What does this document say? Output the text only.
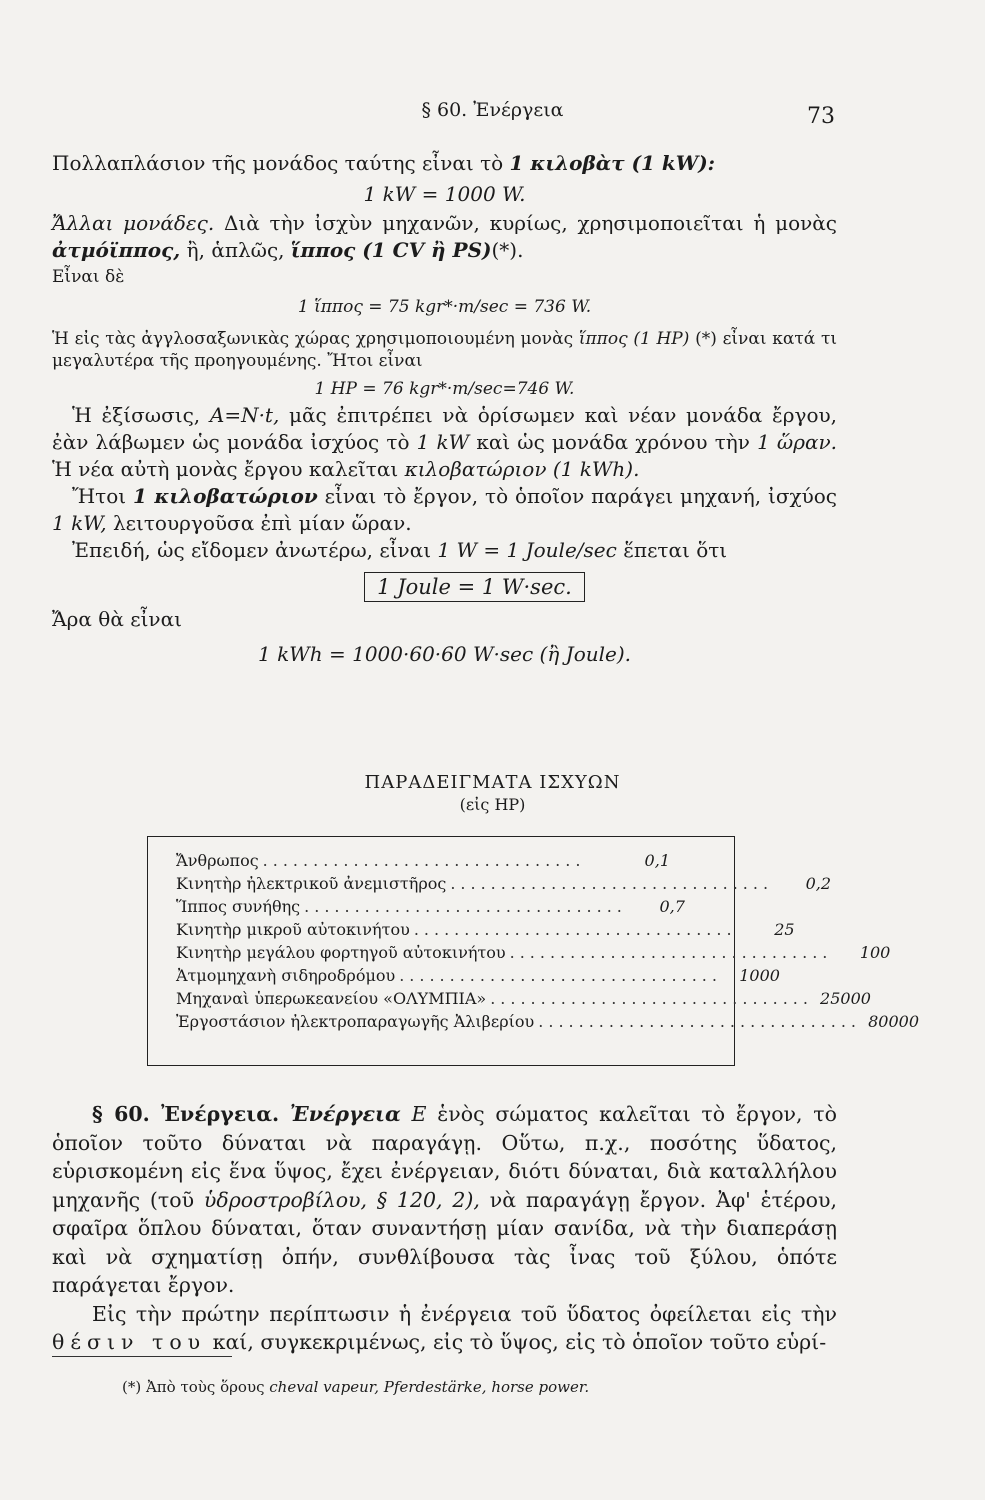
§ 60. Ἐνέργεια	73

Πολλαπλάσιον τῆς μονάδος ταύτης εἶναι τὸ 1 κιλοβὰτ (1 kW):

1 kW = 1000 W.

Ἄλλαι μονάδες. Διὰ τὴν ἰσχὺν μηχανῶν, κυρίως, χρησιμοποιεῖται ἡ μονὰς ἀτμόϊππος, ἢ, ἁπλῶς, ἵππος (1 CV ἢ PS)(*).

Εἶναι δὲ

1 ἵππος = 75 kgr*·m/sec = 736 W.

Ἡ εἰς τὰς ἀγγλοσαξωνικὰς χώρας χρησιμοποιουμένη μονὰς ἵππος (1 HP) (*) εἶναι κατά τι μεγαλυτέρα τῆς προηγουμένης. Ἤτοι εἶναι

1 HP = 76 kgr*·m/sec=746 W.

Ἡ ἐξίσωσις, A=N·t, μᾶς ἐπιτρέπει νὰ ὁρίσωμεν καὶ νέαν μονάδα ἔργου, ἐὰν λάβωμεν ὡς μονάδα ἰσχύος τὸ 1 kW καὶ ὡς μονάδα χρόνου τὴν 1 ὥραν. Ἡ νέα αὐτὴ μονὰς ἔργου καλεῖται κιλοβατώριον (1 kWh).

Ἤτοι 1 κιλοβατώριον εἶναι τὸ ἔργον, τὸ ὁποῖον παράγει μηχανή, ἰσχύος 1 kW, λειτουργοῦσα ἐπὶ μίαν ὥραν.

Ἐπειδή, ὡς εἴδομεν ἀνωτέρω, εἶναι 1 W = 1 Joule/sec ἕπεται ὅτι

1 Joule = 1 W·sec.

Ἄρα θὰ εἶναι

1 kWh = 1000·60·60 W·sec (ἢ Joule).

ΠΑΡΑΔΕΙΓΜΑΤΑ ΙΣΧΥΩΝ
(εἰς HP)
Ἄνθρωπος ................................	0,1
Κινητὴρ ἠλεκτρικοῦ ἀνεμιστῆρος ................................	0,2
Ἵππος συνήθης ................................	0,7
Κινητὴρ μικροῦ αὐτοκινήτου ................................	25
Κινητὴρ μεγάλου φορτηγοῦ αὐτοκινήτου ................................	100
Ἀτμομηχανὴ σιδηροδρόμου ................................	1000
Μηχαναὶ ὑπερωκεανείου «ΟΛΥΜΠΙΑ» ................................ 25000
Ἐργοστάσιον ἠλεκτροπαραγωγῆς Ἀλιβερίου ................................ 80000

§ 60. Ἐνέργεια. Ἐνέργεια E ἑνὸς σώματος καλεῖται τὸ ἔργον, τὸ ὁποῖον τοῦτο δύναται νὰ παραγάγῃ. Οὕτω, π.χ., ποσότης ὕδατος, εὑρισκομένη εἰς ἕνα ὕψος, ἔχει ἐνέργειαν, διότι δύναται, διὰ καταλλήλου μηχανῆς (τοῦ ὑδροστροβίλου, § 120, 2), νὰ παραγάγῃ ἔργον. Ἀφ' ἑτέρου, σφαῖρα ὅπλου δύναται, ὅταν συναντήσῃ μίαν σανίδα, νὰ τὴν διαπεράσῃ καὶ νὰ σχηματίσῃ ὀπήν, συνθλίβουσα τὰς ἶνας τοῦ ξύλου, ὁπότε παράγεται ἔργον.

Εἰς τὴν πρώτην περίπτωσιν ἡ ἐνέργεια τοῦ ὕδατος ὀφείλεται εἰς τὴν θέσιν του καί, συγκεκριμένως, εἰς τὸ ὕψος, εἰς τὸ ὁποῖον τοῦτο εὑρί-

(*) Ἀπὸ τοὺς ὅρους cheval vapeur, Pferdestärke, horse power.
